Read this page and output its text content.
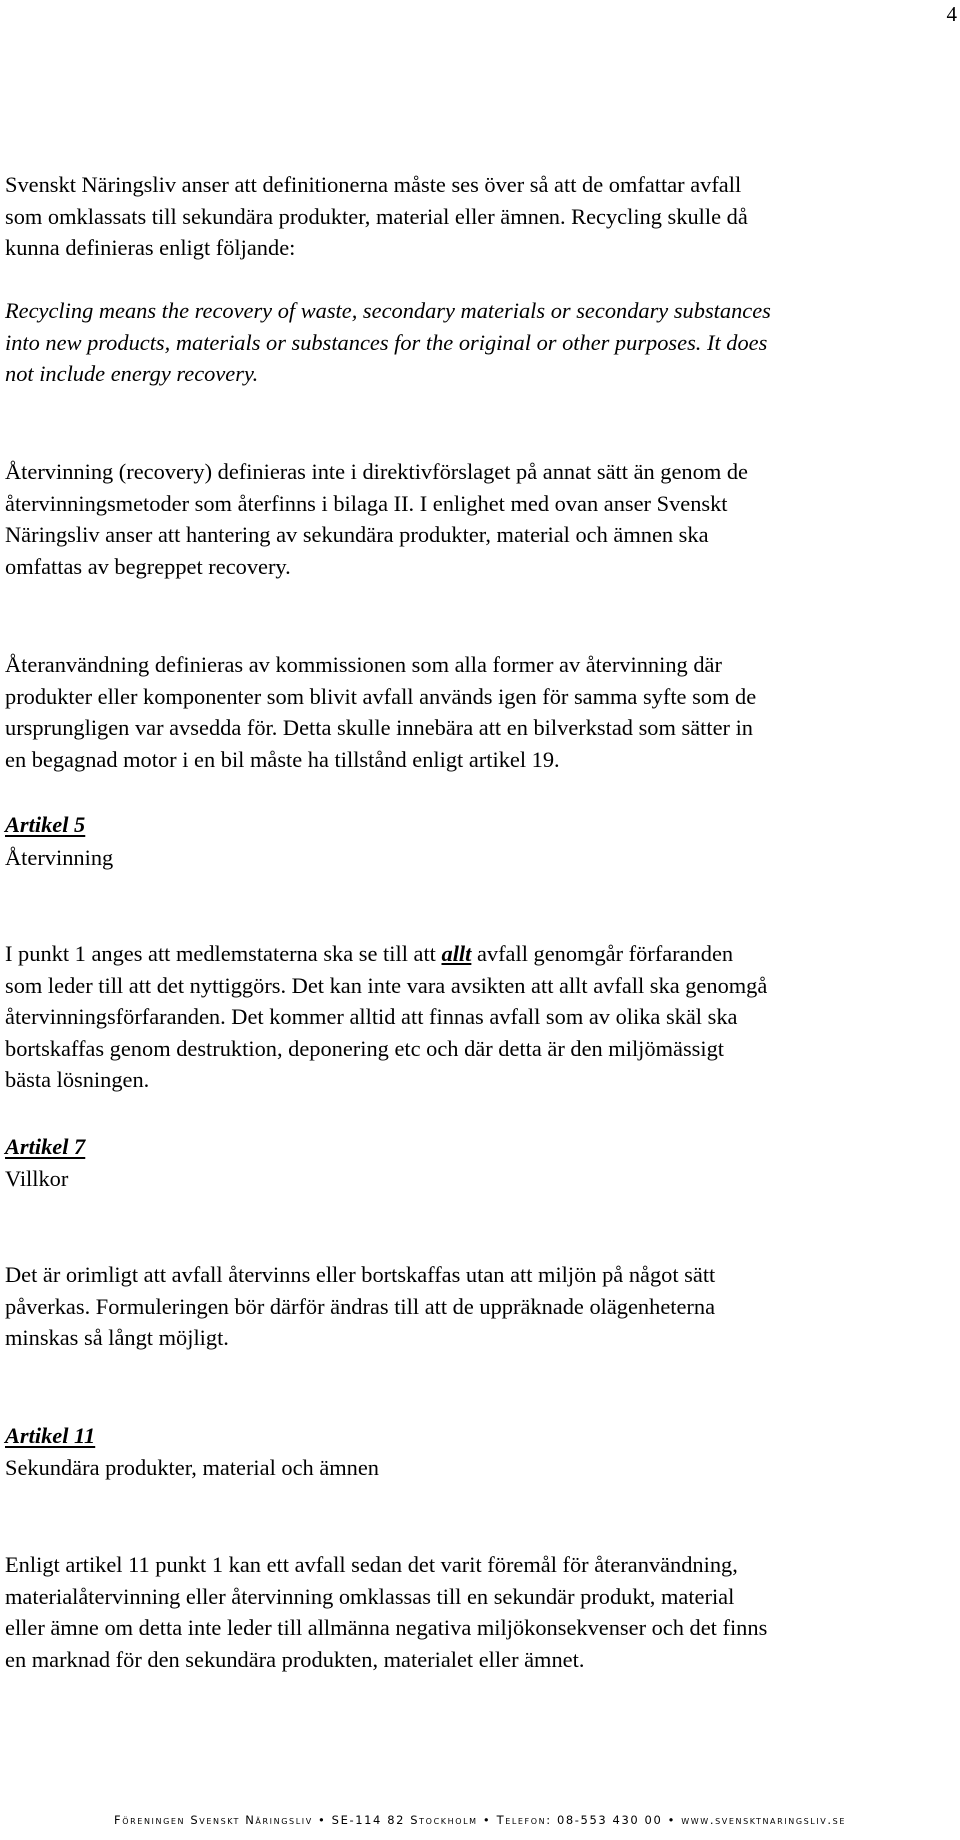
4
Svenskt Näringsliv anser att definitionerna måste ses över så att de omfattar avfall
som omklassats till sekundära produkter, material eller ämnen. Recycling skulle då
kunna definieras enligt följande:
Recycling means the recovery of waste, secondary materials or secondary substances
into new products, materials or substances for the original or other purposes. It does
not include energy recovery.
Återvinning (recovery) definieras inte i direktivförslaget på annat sätt än genom de
återvinningsmetoder som återfinns i bilaga II. I enlighet med ovan anser Svenskt
Näringsliv anser att hantering av sekundära produkter, material och ämnen ska
omfattas av begreppet recovery.
Återanvändning definieras av kommissionen som alla former av återvinning där
produkter eller komponenter som blivit avfall används igen för samma syfte som de
ursprungligen var avsedda för. Detta skulle innebära att en bilverkstad som sätter in
en begagnad motor i en bil måste ha tillstånd enligt artikel 19.
Artikel 5
Återvinning
I punkt 1 anges att medlemstaterna ska se till att allt avfall genomgår förfaranden
som leder till att det nyttiggörs. Det kan inte vara avsikten att allt avfall ska genomgå
återvinningsförfaranden. Det kommer alltid att finnas avfall som av olika skäl ska
bortskaffas genom destruktion, deponering etc och där detta är den miljömässigt
bästa lösningen.
Artikel 7
Villkor
Det är orimligt att avfall återvinns eller bortskaffas utan att miljön på något sätt
påverkas. Formuleringen bör därför ändras till att de uppräknade olägenheterna
minskas så långt möjligt.
Artikel 11
Sekundära produkter, material och ämnen
Enligt artikel 11 punkt 1 kan ett avfall sedan det varit föremål för återanvändning,
materialåtervinning eller återvinning omklassas till en sekundär produkt, material
eller ämne om detta inte leder till allmänna negativa miljökonsekvenser och det finns
en marknad för den sekundära produkten, materialet eller ämnet.
Föreningen Svenskt Näringsliv • SE-114 82 Stockholm • Telefon: 08-553 430 00 • www.svensktnaringsliv.se
